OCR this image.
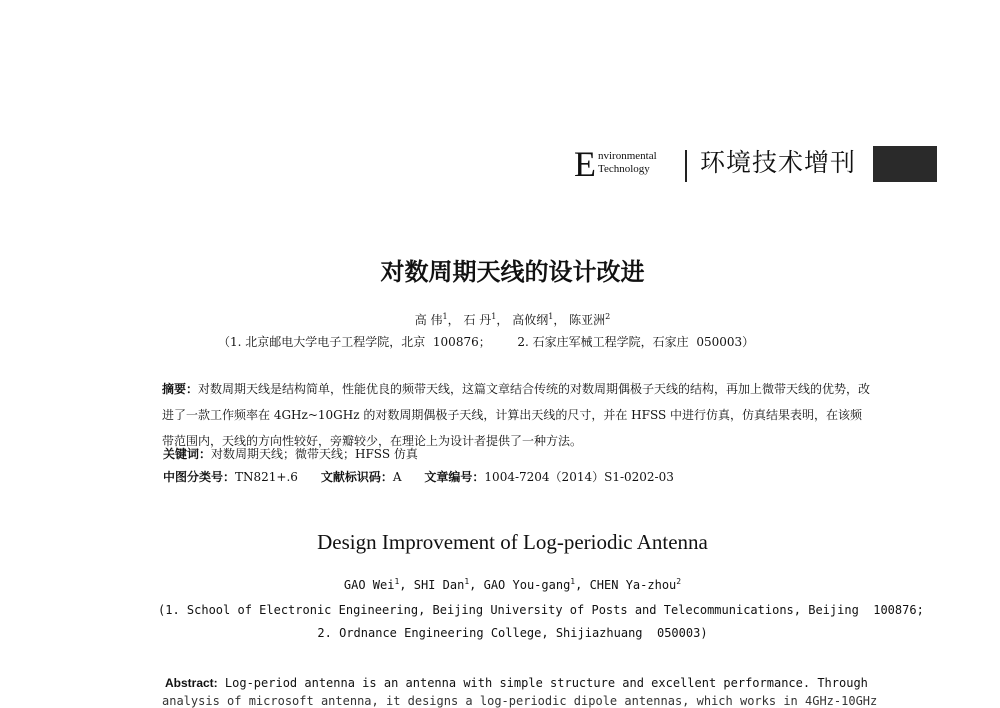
E nvironmental
Technology 环境技术增刊
对数周期天线的设计改进
高 伟$^1$， 石 丹$^1$， 高攸纲$^1$， 陈亚洲$^2$
（1. 北京邮电大学电子工程学院，北京  100876； 2. 石家庄军械工程学院，石家庄  050003）
摘要：对数周期天线是结构简单，性能优良的频带天线，这篇文章结合传统的对数周期偶极子天线的结构，再加上微带天线的优势，改进了一款工作频率在 4GHz~10GHz 的对数周期偶极子天线，计算出天线的尺寸，并在 HFSS 中进行仿真，仿真结果表明，在该频带范围内，天线的方向性较好，旁瓣较少，在理论上为设计者提供了一种方法。
关键词：对数周期天线；微带天线；HFSS 仿真
中图分类号：TN821+.6 文献标识码：A 文章编号：1004-7204（2014）S1-0202-03
Design Improvement of Log-periodic Antenna
GAO Wei$^1$, SHI Dan$^1$, GAO You-gang$^1$, CHEN Ya-zhou$^2$
(1. School of Electronic Engineering, Beijing University of Posts and Telecommunications, Beijing  100876;
2. Ordnance Engineering College, Shijiazhuang  050003)
Abstract: Log-period antenna is an antenna with simple structure and excellent performance. Through
analysis of microsoft antenna, it designs a log-periodic dipole antennas, which works in 4GHz-10GHz
